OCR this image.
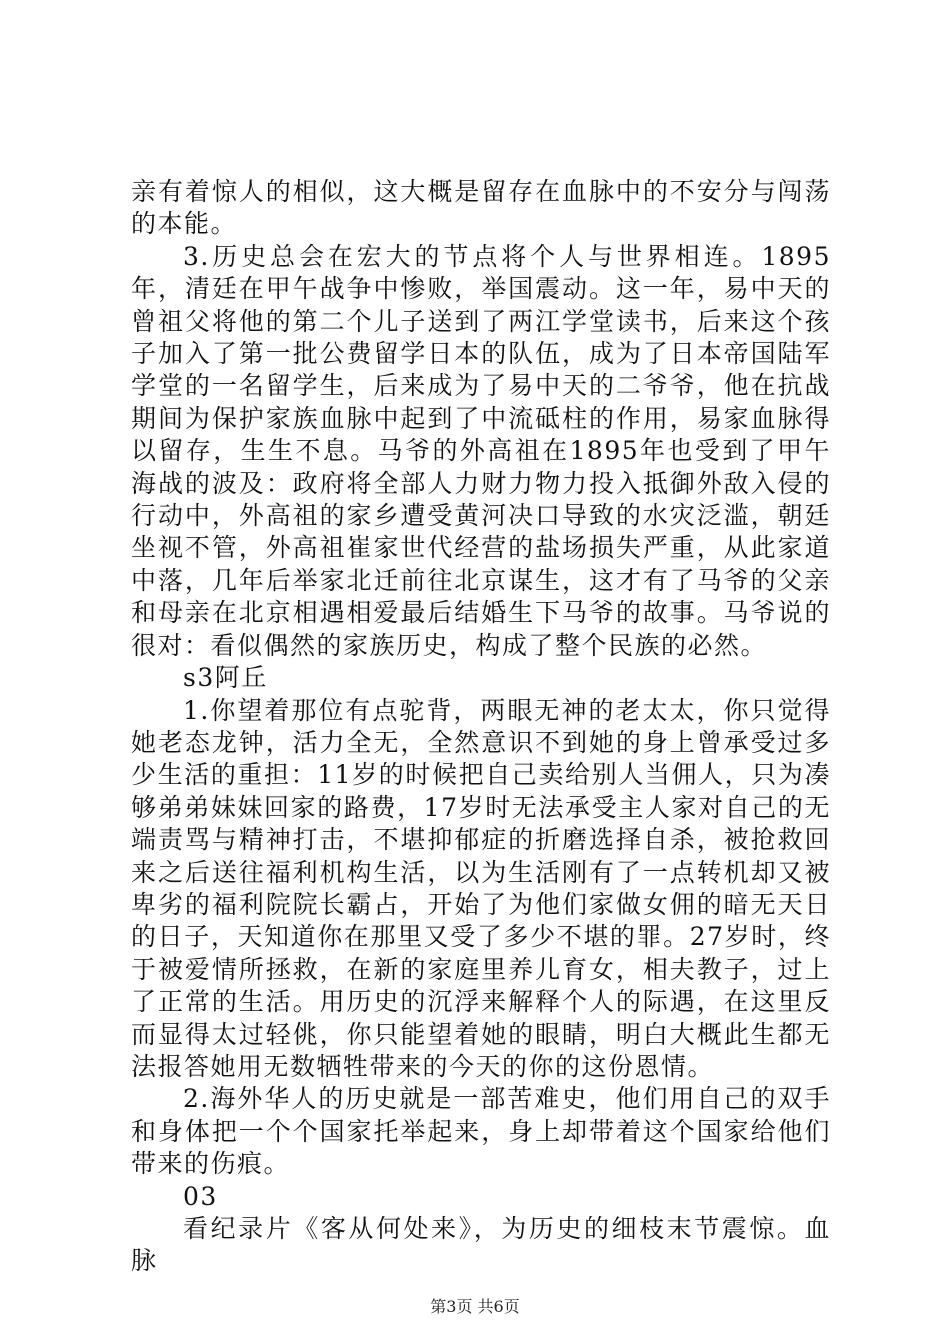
亲有着惊人的相似，这大概是留存在血脉中的不安分与闯荡的本能。

3.历史总会在宏大的节点将个人与世界相连。1895年，清廷在甲午战争中惨败，举国震动。这一年，易中天的曾祖父将他的第二个儿子送到了两江学堂读书，后来这个孩子加入了第一批公费留学日本的队伍，成为了日本帝国陆军学堂的一名留学生，后来成为了易中天的二爷爷，他在抗战期间为保护家族血脉中起到了中流砥柱的作用，易家血脉得以留存，生生不息。马爷的外高祖在1895年也受到了甲午海战的波及：政府将全部人力财力物力投入抵御外敌入侵的行动中，外高祖的家乡遭受黄河决口导致的水灾泛滥，朝廷坐视不管，外高祖崔家世代经营的盐场损失严重，从此家道中落，几年后举家北迁前往北京谋生，这才有了马爷的父亲和母亲在北京相遇相爱最后结婚生下马爷的故事。马爷说的很对：看似偶然的家族历史，构成了整个民族的必然。

s3阿丘

1.你望着那位有点驼背，两眼无神的老太太，你只觉得她老态龙钟，活力全无，全然意识不到她的身上曾承受过多少生活的重担：11岁的时候把自己卖给别人当佣人，只为凑够弟弟妹妹回家的路费，17岁时无法承受主人家对自己的无端责骂与精神打击，不堪抑郁症的折磨选择自杀，被抢救回来之后送往福利机构生活，以为生活刚有了一点转机却又被卑劣的福利院院长霸占，开始了为他们家做女佣的暗无天日的日子，天知道你在那里又受了多少不堪的罪。27岁时，终于被爱情所拯救，在新的家庭里养儿育女，相夫教子，过上了正常的生活。用历史的沉浮来解释个人的际遇，在这里反而显得太过轻佻，你只能望着她的眼睛，明白大概此生都无法报答她用无数牺牲带来的今天的你的这份恩情。

2.海外华人的历史就是一部苦难史，他们用自己的双手和身体把一个个国家托举起来，身上却带着这个国家给他们带来的伤痕。

03

看纪录片《客从何处来》，为历史的细枝末节震惊。血脉

第3页 共6页
